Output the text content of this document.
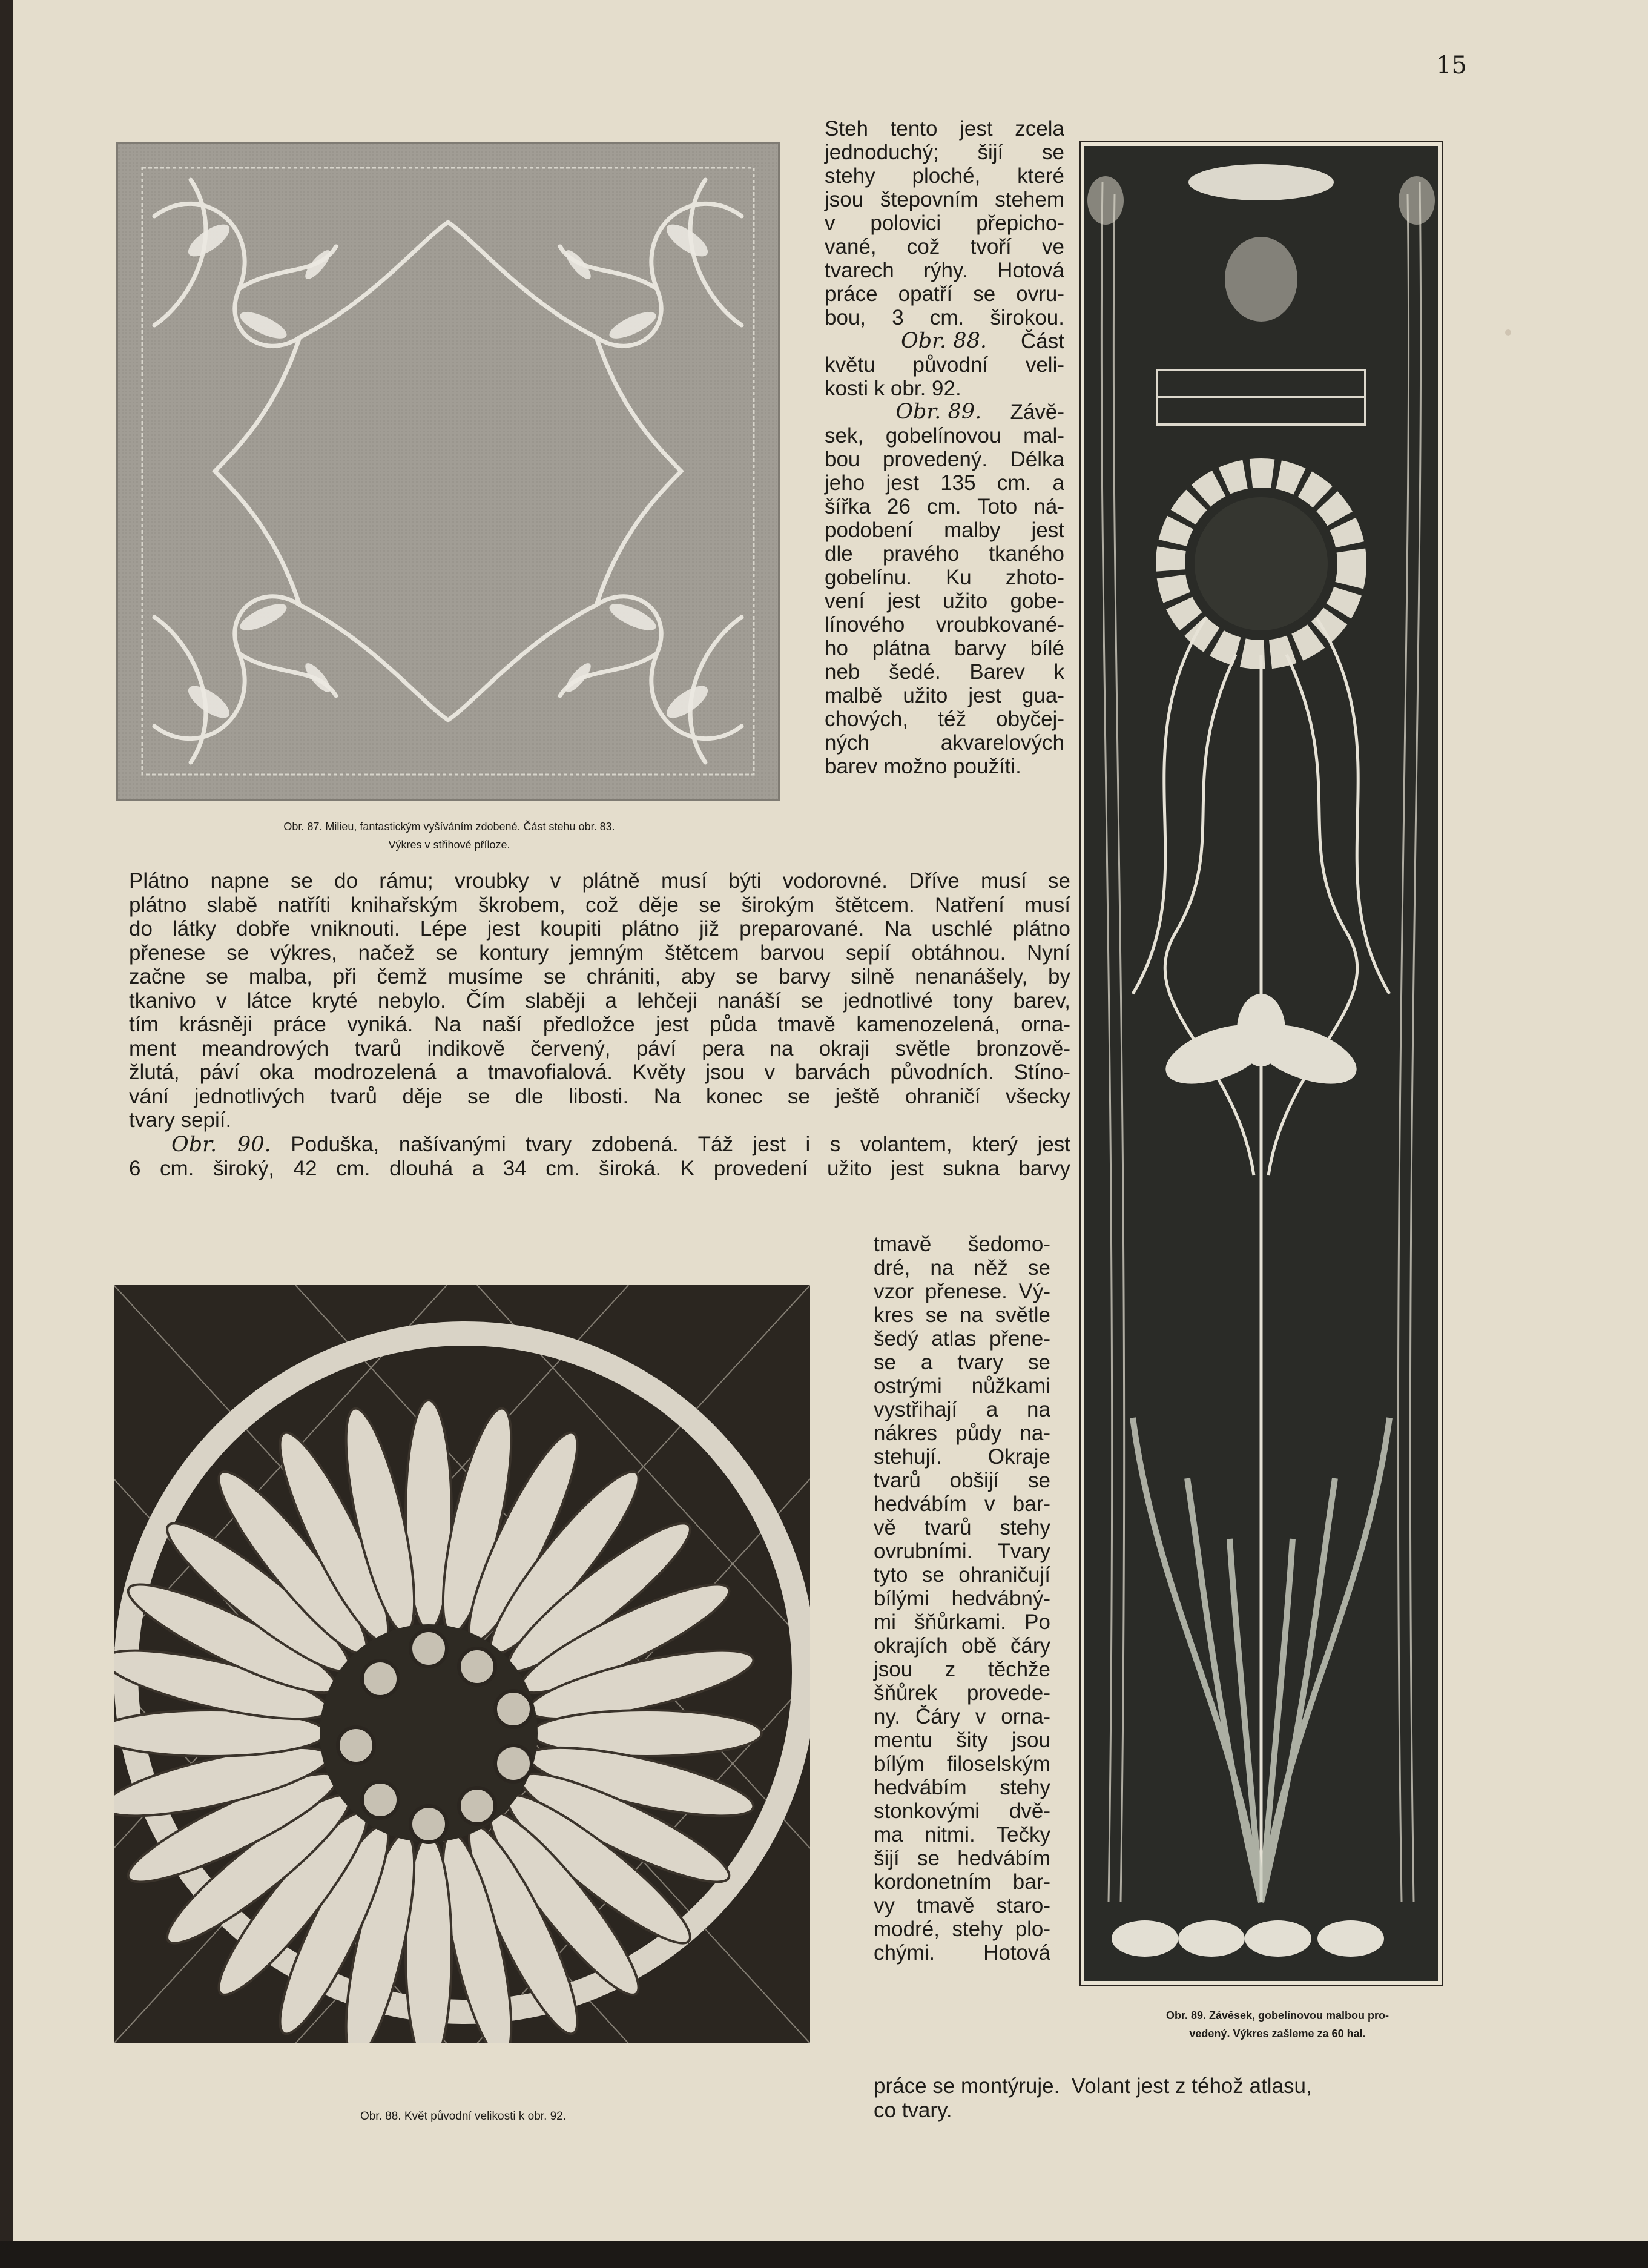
15
Obr. 87. Milieu, fantastickým vyšíváním zdobené. Část stehu obr. 83.
Výkres v střihové příloze.
Steh tento jest zcela
jednoduchý; šijí se
stehy ploché, které
jsou štepovním stehem
v polovici přepicho-
vané, což tvoří ve
tvarech rýhy. Hotová
práce opatří se ovru-
bou, 3 cm. širokou.
Obr. 88. Část
květu původní veli-
kosti k obr. 92.
Obr. 89. Závě-
sek, gobelínovou mal-
bou provedený. Délka
jeho jest 135 cm. a
šířka 26 cm. Toto ná-
podobení malby jest
dle pravého tkaného
gobelínu. Ku zhoto-
vení jest užito gobe-
línového vroubkované-
ho plátna barvy bílé
neb šedé. Barev k
malbě užito jest gua-
chových, též obyčej-
ných akvarelových
barev možno použíti.
Obr. 89. Závěsek, gobelínovou malbou pro-
vedený. Výkres zašleme za 60 hal.
Plátno napne se do rámu; vroubky v plátně musí býti vodorovné. Dříve musí se
plátno slabě natříti knihařským škrobem, což děje se širokým štětcem. Natření musí
do látky dobře vniknouti. Lépe jest koupiti plátno již preparované. Na uschlé plátno
přenese se výkres, načež se kontury jemným štětcem barvou sepií obtáhnou. Nyní
začne se malba, při čemž musíme se chrániti, aby se barvy silně nenanášely, by
tkanivo v látce kryté nebylo. Čím slaběji a lehčeji nanáší se jednotlivé tony barev,
tím krásněji práce vyniká. Na naší předložce jest půda tmavě kamenozelená, orna-
ment meandrových tvarů indikově červený, páví pera na okraji světle bronzově-
žlutá, páví oka modrozelená a tmavofialová. Květy jsou v barvách původních. Stíno-
vání jednotlivých tvarů děje se dle libosti. Na konec se ještě ohraničí všecky
tvary sepií.
Obr. 90. Poduška, našívanými tvary zdobená. Táž jest i s volantem, který jest
6 cm. široký, 42 cm. dlouhá a 34 cm. široká. K provedení užito jest sukna barvy
Obr. 88. Květ původní velikosti k obr. 92.
tmavě šedomo-
dré, na něž se
vzor přenese. Vý-
kres se na světle
šedý atlas přene-
se a tvary se
ostrými nůžkami
vystřihají a na
nákres půdy na-
stehují. Okraje
tvarů obšijí se
hedvábím v bar-
vě tvarů stehy
ovrubními. Tvary
tyto se ohraničují
bílými hedvábný-
mi šňůrkami. Po
okrajích obě čáry
jsou z těchže
šňůrek provede-
ny. Čáry v orna-
mentu šity jsou
bílým filoselským
hedvábím stehy
stonkovými dvě-
ma nitmi. Tečky
šijí se hedvábím
kordonetním bar-
vy tmavě staro-
modré, stehy plo-
chými. Hotová
práce se montýruje.  Volant jest z téhož atlasu,
co tvary.
